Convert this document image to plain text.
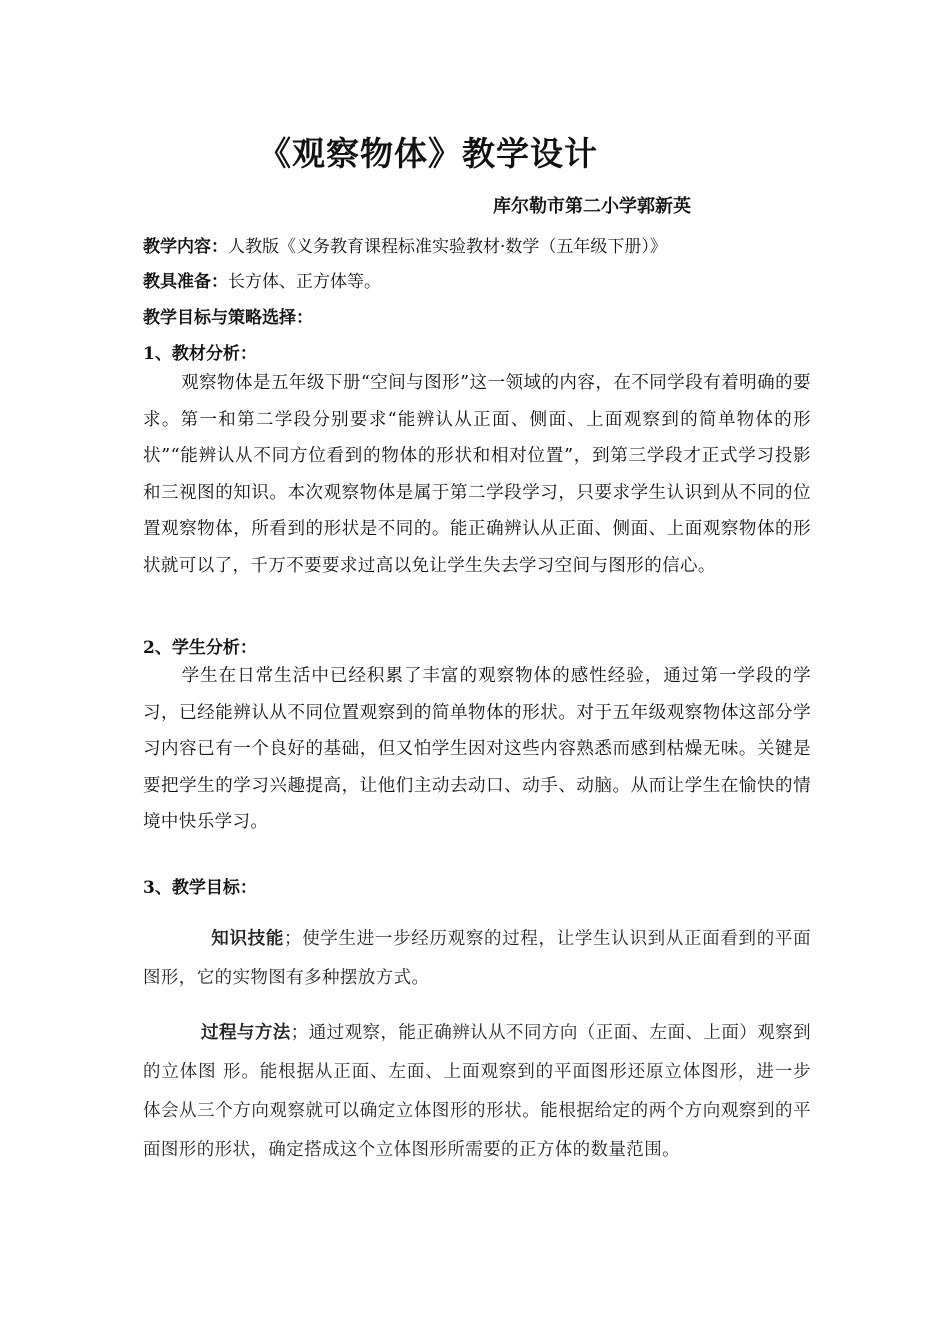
《观察物体》教学设计
库尔勒市第二小学郭新英
教学内容：人教版《义务教育课程标准实验教材·数学（五年级下册）》
教具准备：长方体、正方体等。
教学目标与策略选择：
1、教材分析：
观察物体是五年级下册“空间与图形”这一领域的内容，在不同学段有着明确的要求。第一和第二学段分别要求“能辨认从正面、侧面、上面观察到的简单物体的形状”“能辨认从不同方位看到的物体的形状和相对位置”，到第三学段才正式学习投影和三视图的知识。本次观察物体是属于第二学段学习，只要求学生认识到从不同的位置观察物体，所看到的形状是不同的。能正确辨认从正面、侧面、上面观察物体的形状就可以了，千万不要要求过高以免让学生失去学习空间与图形的信心。
2、学生分析：
学生在日常生活中已经积累了丰富的观察物体的感性经验，通过第一学段的学习，已经能辨认从不同位置观察到的简单物体的形状。对于五年级观察物体这部分学习内容已有一个良好的基础，但又怕学生因对这些内容熟悉而感到枯燥无味。关键是要把学生的学习兴趣提高，让他们主动去动口、动手、动脑。从而让学生在愉快的情境中快乐学习。
3、教学目标：
知识技能；使学生进一步经历观察的过程，让学生认识到从正面看到的平面图形，它的实物图有多种摆放方式。
过程与方法；通过观察，能正确辨认从不同方向（正面、左面、上面）观察到的立体图 形。能根据从正面、左面、上面观察到的平面图形还原立体图形，进一步体会从三个方向观察就可以确定立体图形的形状。能根据给定的两个方向观察到的平面图形的形状，确定搭成这个立体图形所需要的正方体的数量范围。
